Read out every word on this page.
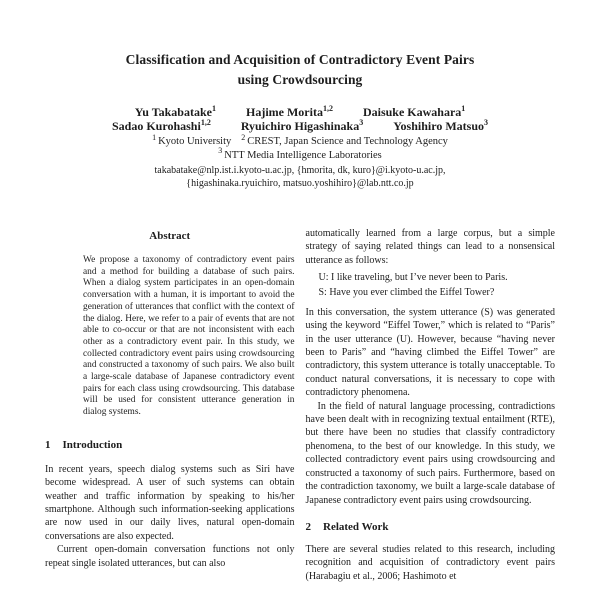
Classification and Acquisition of Contradictory Event Pairs
using Crowdsourcing
Yu Takabatake$^1$	Hajime Morita$^{1,2}$	Daisuke Kawahara$^1$
Sadao Kurohashi$^{1,2}$	Ryuichiro Higashinaka$^3$	Yoshihiro Matsuo$^3$
$^1$ Kyoto University $^2$ CREST, Japan Science and Technology Agency
$^3$ NTT Media Intelligence Laboratories
takabatake@nlp.ist.i.kyoto-u.ac.jp, {hmorita, dk, kuro}@i.kyoto-u.ac.jp,
{higashinaka.ryuichiro, matsuo.yoshihiro}@lab.ntt.co.jp
Abstract

We propose a taxonomy of contradictory event pairs and a method for building a database of such pairs. When a dialog system participates in an open-domain conversation with a human, it is important to avoid the generation of utterances that conflict with the context of the dialog. Here, we refer to a pair of events that are not able to co-occur or that are not inconsistent with each other as a contradictory event pair. In this study, we collected contradictory event pairs using crowdsourcing and constructed a taxonomy of such pairs. We also built a large-scale database of Japanese contradictory event pairs for each class using crowdsourcing. This database will be used for consistent utterance generation in dialog systems.

1 Introduction

In recent years, speech dialog systems such as Siri have become widespread. A user of such systems can obtain weather and traffic information by speaking to his/her smartphone. Although such information-seeking applications are now used in our daily lives, natural open-domain conversations are also expected.

Current open-domain conversation functions not only repeat single isolated utterances, but can also

automatically learned from a large corpus, but a simple strategy of saying related things can lead to a nonsensical utterance as follows:

U: I like traveling, but I’ve never been to Paris.
S: Have you ever climbed the Eiffel Tower?

In this conversation, the system utterance (S) was generated using the keyword “Eiffel Tower,” which is related to “Paris” in the user utterance (U). However, because “having never been to Paris” and “having climbed the Eiffel Tower” are contradictory, this system utterance is totally unacceptable. To conduct natural conversations, it is necessary to cope with contradictory phenomena.

In the field of natural language processing, contradictions have been dealt with in recognizing textual entailment (RTE), but there have been no studies that classify contradictory phenomena, to the best of our knowledge. In this study, we collected contradictory event pairs using crowdsourcing and constructed a taxonomy of such pairs. Furthermore, based on the contradiction taxonomy, we built a large-scale database of Japanese contradictory event pairs using crowdsourcing.

2 Related Work

There are several studies related to this research, including recognition and acquisition of contradictory event pairs (Harabagiu et al., 2006; Hashimoto et
